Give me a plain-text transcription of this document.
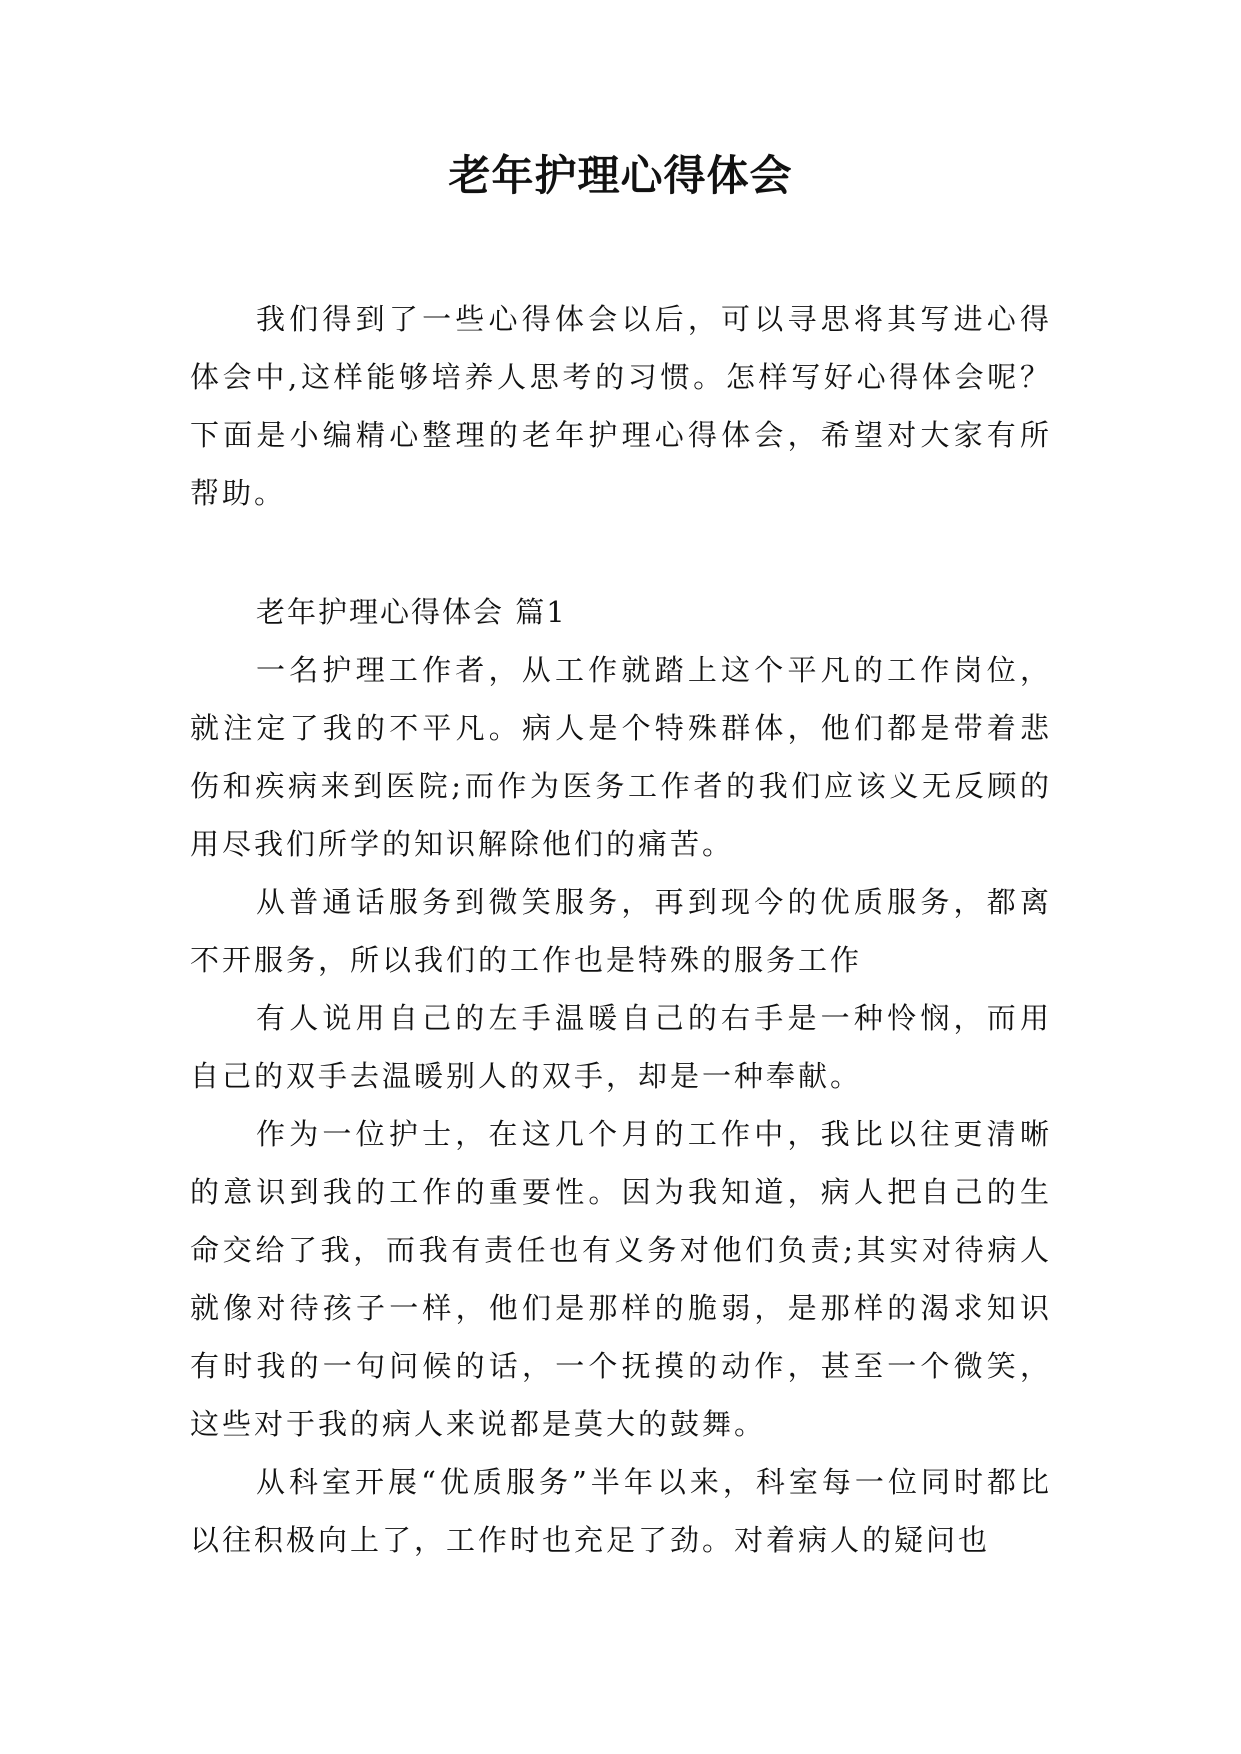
老年护理心得体会

我们得到了一些心得体会以后，可以寻思将其写进心得体会中,这样能够培养人思考的习惯。怎样写好心得体会呢？下面是小编精心整理的老年护理心得体会，希望对大家有所帮助。

老年护理心得体会 篇1

一名护理工作者，从工作就踏上这个平凡的工作岗位，就注定了我的不平凡。病人是个特殊群体，他们都是带着悲伤和疾病来到医院;而作为医务工作者的我们应该义无反顾的用尽我们所学的知识解除他们的痛苦。

从普通话服务到微笑服务，再到现今的优质服务，都离不开服务，所以我们的工作也是特殊的服务工作

有人说用自己的左手温暖自己的右手是一种怜悯，而用自己的双手去温暖别人的双手，却是一种奉献。

作为一位护士，在这几个月的工作中，我比以往更清晰的意识到我的工作的重要性。因为我知道，病人把自己的生命交给了我，而我有责任也有义务对他们负责;其实对待病人就像对待孩子一样，他们是那样的脆弱，是那样的渴求知识有时我的一句问候的话，一个抚摸的动作，甚至一个微笑，这些对于我的病人来说都是莫大的鼓舞。

从科室开展“优质服务”半年以来，科室每一位同时都比以往积极向上了，工作时也充足了劲。对着病人的疑问也
